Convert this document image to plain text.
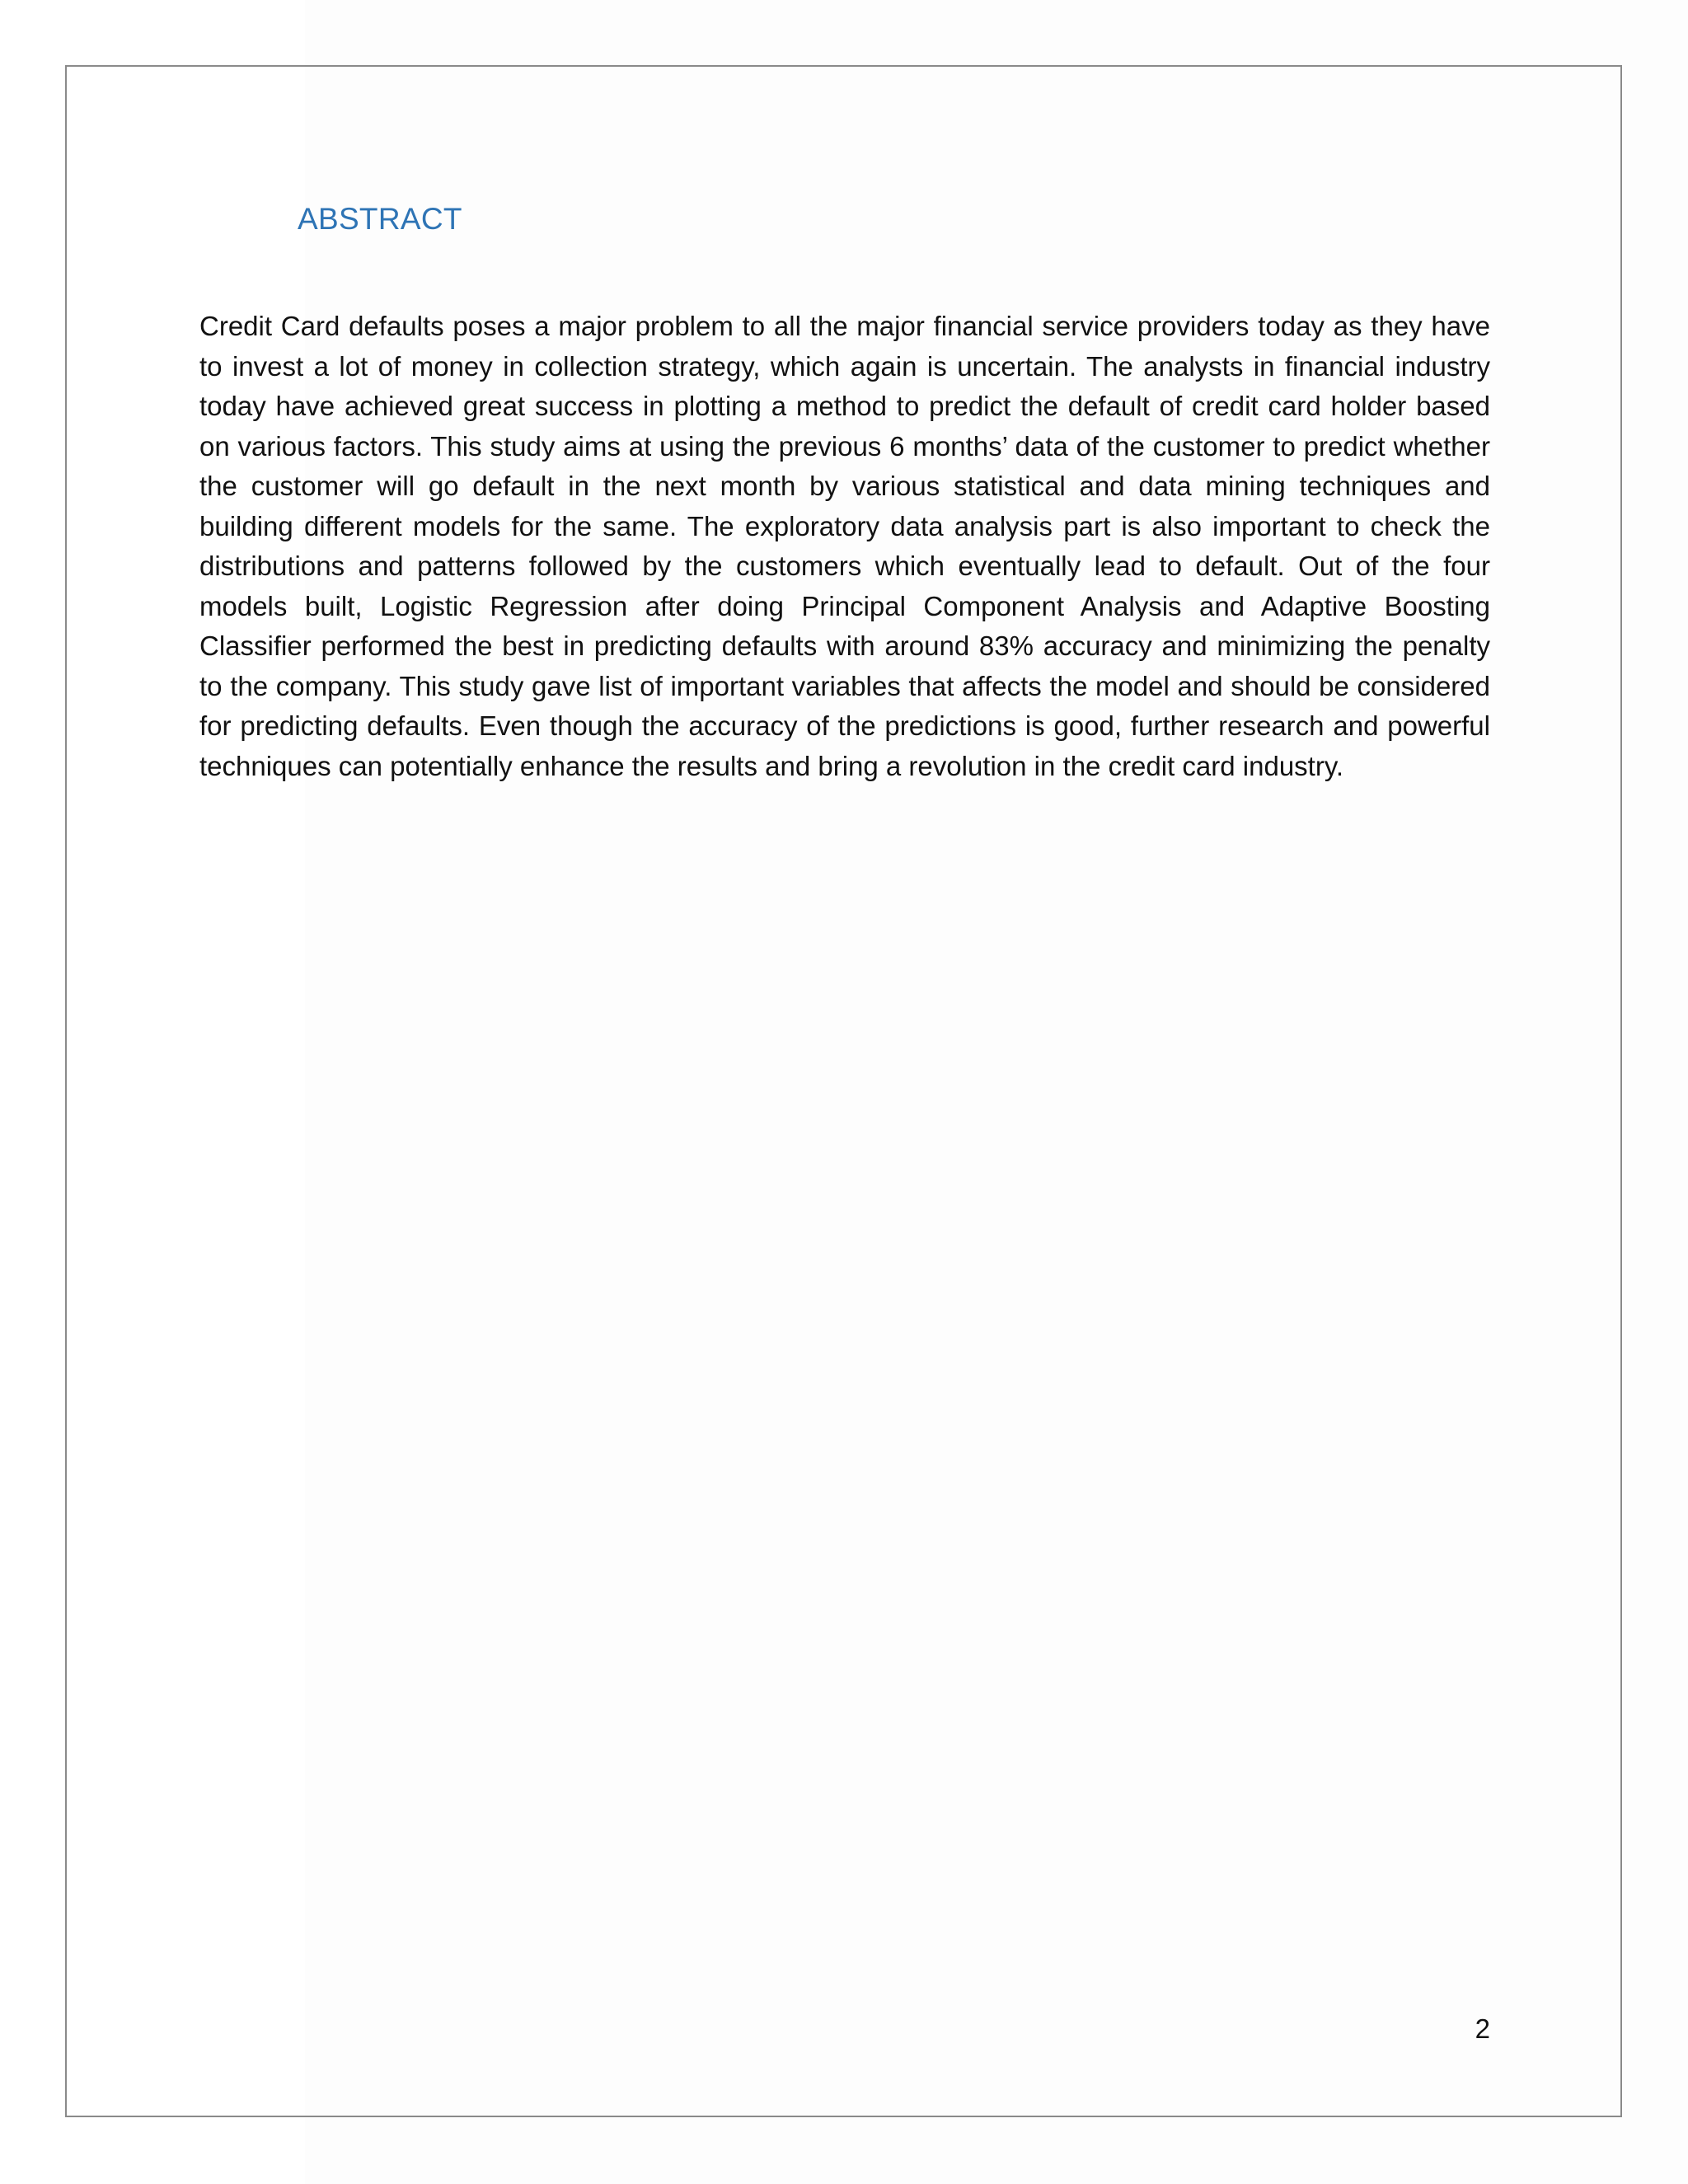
ABSTRACT

Credit Card defaults poses a major problem to all the major financial service providers today as they have to invest a lot of money in collection strategy, which again is uncertain. The analysts in financial industry today have achieved great success in plotting a method to predict the default of credit card holder based on various factors. This study aims at using the previous 6 months’ data of the customer to predict whether the customer will go default in the next month by various statistical and data mining techniques and building different models for the same. The exploratory data analysis part is also important to check the distributions and patterns followed by the customers which eventually lead to default. Out of the four models built, Logistic Regression after doing Principal Component Analysis and Adaptive Boosting Classifier performed the best in predicting defaults with around 83% accuracy and minimizing the penalty to the company. This study gave list of important variables that affects the model and should be considered for predicting defaults. Even though the accuracy of the predictions is good, further research and powerful techniques can potentially enhance the results and bring a revolution in the credit card industry.

2
